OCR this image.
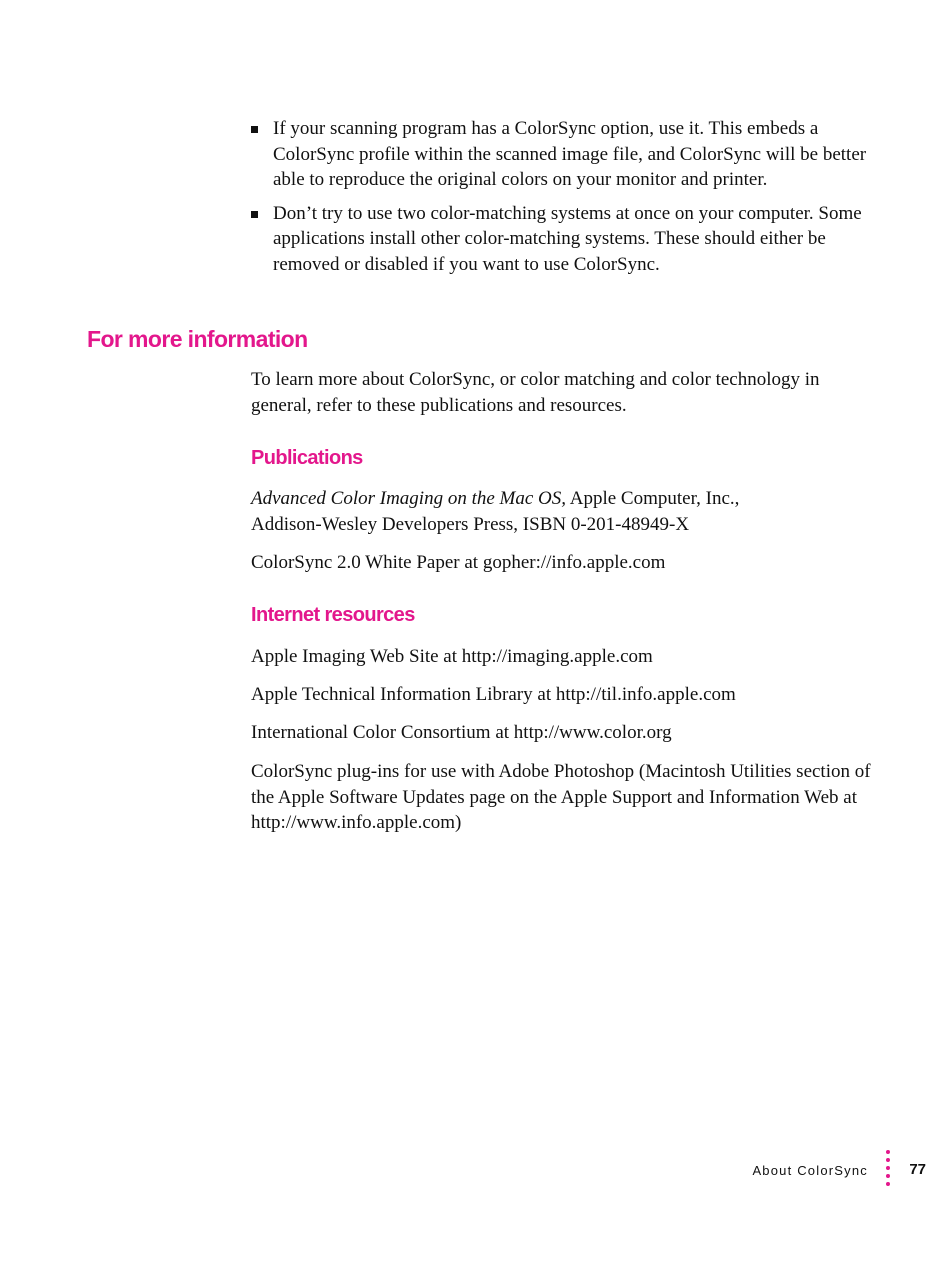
If your scanning program has a ColorSync option, use it. This embeds a ColorSync profile within the scanned image file, and ColorSync will be better able to reproduce the original colors on your monitor and printer.
Don’t try to use two color-matching systems at once on your computer. Some applications install other color-matching systems. These should either be removed or disabled if you want to use ColorSync.
For more information

To learn more about ColorSync, or color matching and color technology in general, refer to these publications and resources.

Publications

Advanced Color Imaging on the Mac OS, Apple Computer, Inc.,
Addison-Wesley Developers Press, ISBN 0-201-48949-X

ColorSync 2.0 White Paper at gopher://info.apple.com

Internet resources

Apple Imaging Web Site at http://imaging.apple.com

Apple Technical Information Library at http://til.info.apple.com

International Color Consortium at http://www.color.org

ColorSync plug-ins for use with Adobe Photoshop (Macintosh Utilities section of the Apple Software Updates page on the Apple Support and Information Web at http://www.info.apple.com)

About ColorSync	77
